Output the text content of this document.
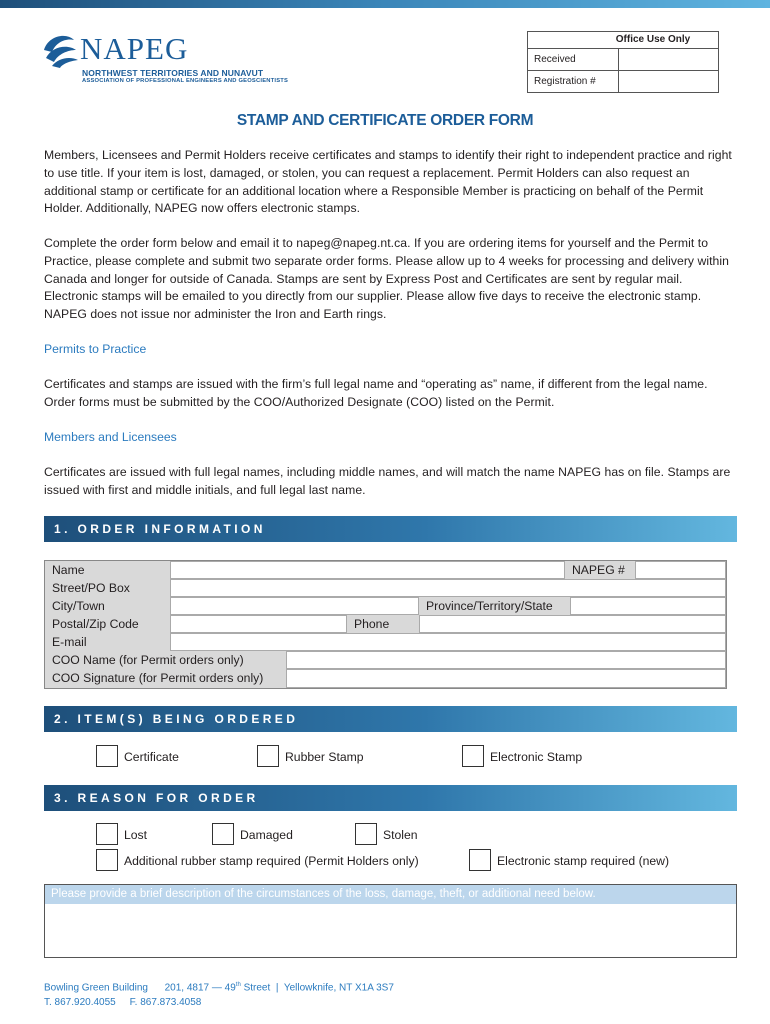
NAPEG
NORTHWEST TERRITORIES AND NUNAVUT
ASSOCIATION OF PROFESSIONAL ENGINEERS AND GEOSCIENTISTS
Office Use Only
Received
Registration #
STAMP AND CERTIFICATE ORDER FORM

Members, Licensees and Permit Holders receive certificates and stamps to identify their right to independent practice and right to use title. If your item is lost, damaged, or stolen, you can request a replacement. Permit Holders can also request an additional stamp or certificate for an additional location where a Responsible Member is practicing on behalf of the Permit Holder. Additionally, NAPEG now offers electronic stamps.

Complete the order form below and email it to napeg@napeg.nt.ca. If you are ordering items for yourself and the Permit to Practice, please complete and submit two separate order forms. Please allow up to 4 weeks for processing and delivery within Canada and longer for outside of Canada. Stamps are sent by Express Post and Certificates are sent by regular mail. Electronic stamps will be emailed to you directly from our supplier. Please allow five days to receive the electronic stamp. NAPEG does not issue nor administer the Iron and Earth rings.

Permits to Practice

Certificates and stamps are issued with the firm’s full legal name and “operating as” name, if different from the legal name. Order forms must be submitted by the COO/Authorized Designate (COO) listed on the Permit.

Members and Licensees

Certificates are issued with full legal names, including middle names, and will match the name NAPEG has on file. Stamps are issued with first and middle initials, and full legal last name.

1. ORDER INFORMATION
Name	NAPEG #
Street/PO Box
City/Town	Province/Territory/State
Postal/Zip Code	Phone
E-mail
COO Name (for Permit orders only)
COO Signature (for Permit orders only)
2. ITEM(S) BEING ORDERED
Certificate	Rubber Stamp	Electronic Stamp
3. REASON FOR ORDER
Lost	Damaged	Stolen
Additional rubber stamp required (Permit Holders only)	Electronic stamp required (new)
Please provide a brief description of the circumstances of the loss, damage, theft, or additional need below.
Bowling Green Building 201, 4817 — 49th Street  |  Yellowknife, NT X1A 3S7
T. 867.920.4055 F. 867.873.4058
